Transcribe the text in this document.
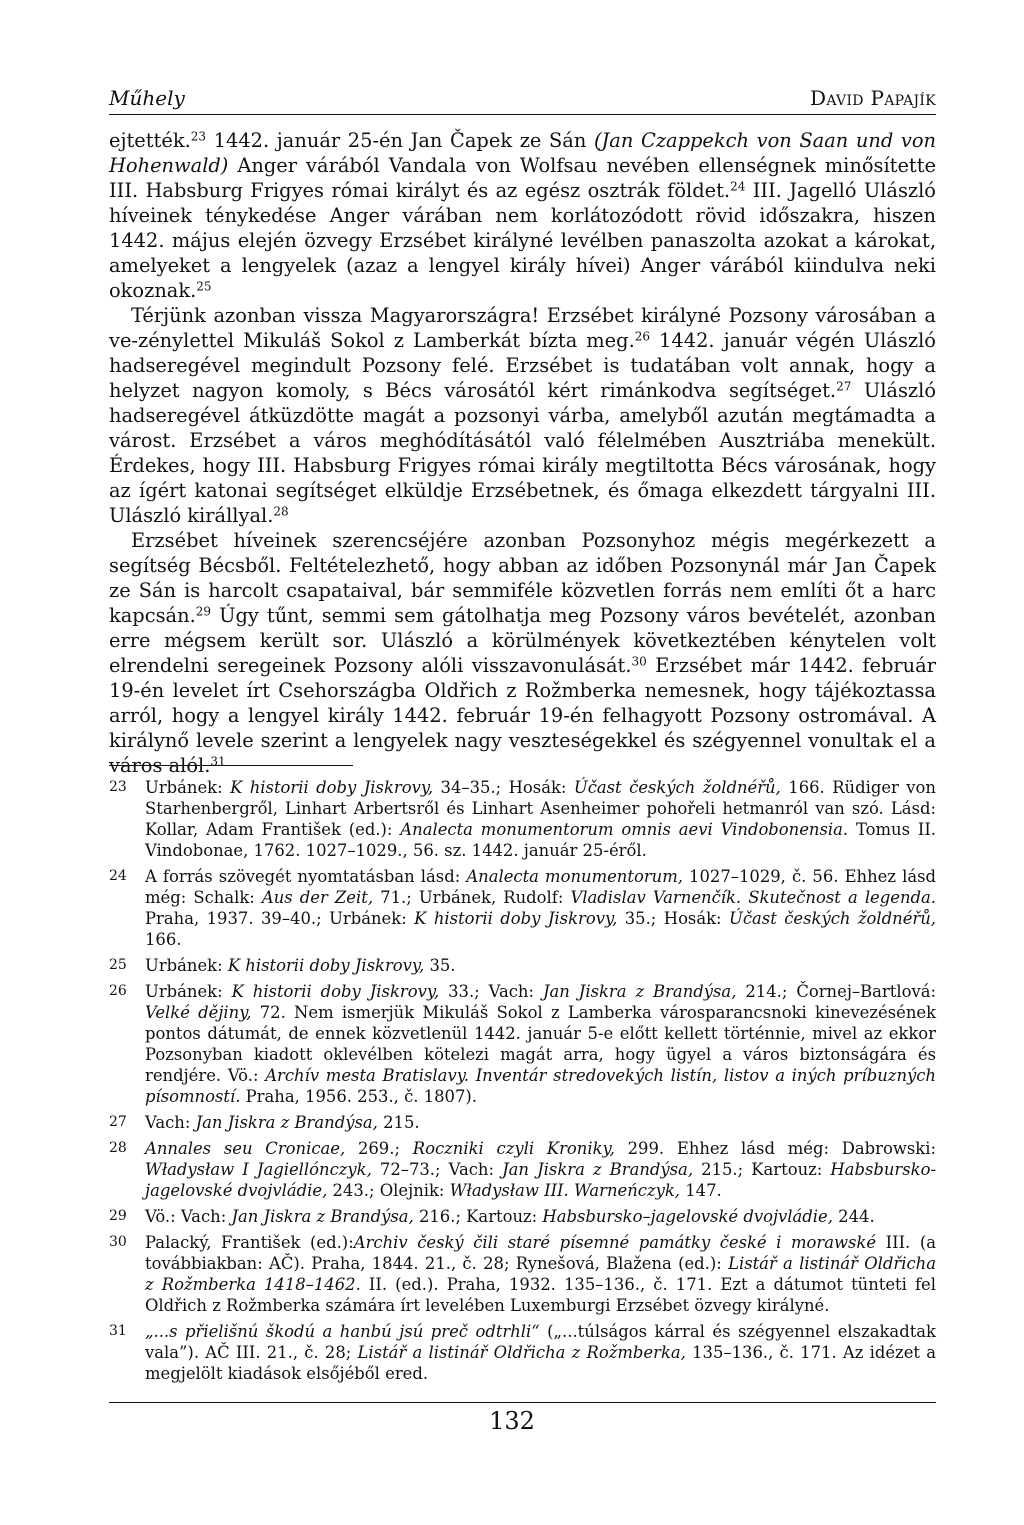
Műhely	David Papajík

ejtették.$^{23}$ 1442. január 25-én Jan Čapek ze Sán (Jan Czappekch von Saan und von Hohenwald) Anger várából Vandala von Wolfsau nevében ellenségnek minősítette III. Habsburg Frigyes római királyt és az egész osztrák földet.$^{24}$ III. Jagelló Ulászló híveinek ténykedése Anger várában nem korlátozódott rövid időszakra, hiszen 1442. május elején özvegy Erzsébet királyné levélben panaszolta azokat a károkat, amelyeket a lengyelek (azaz a lengyel király hívei) Anger várából kiindulva neki okoznak.$^{25}$

Térjünk azonban vissza Magyarországra! Erzsébet királyné Pozsony városában a ve-zénylettel Mikuláš Sokol z Lamberkát bízta meg.$^{26}$ 1442. január végén Ulászló hadseregével megindult Pozsony felé. Erzsébet is tudatában volt annak, hogy a helyzet nagyon komoly, s Bécs városától kért rimánkodva segítséget.$^{27}$ Ulászló hadseregével átküzdötte magát a pozsonyi várba, amelyből azután megtámadta a várost. Erzsébet a város meghódításától való félelmében Ausztriába menekült. Érdekes, hogy III. Habsburg Frigyes római király megtiltotta Bécs városának, hogy az ígért katonai segítséget elküldje Erzsébetnek, és őmaga elkezdett tárgyalni III. Ulászló királlyal.$^{28}$

Erzsébet híveinek szerencséjére azonban Pozsonyhoz mégis megérkezett a segítség Bécsből. Feltételezhető, hogy abban az időben Pozsonynál már Jan Čapek ze Sán is harcolt csapataival, bár semmiféle közvetlen forrás nem említi őt a harc kapcsán.$^{29}$ Úgy tűnt, semmi sem gátolhatja meg Pozsony város bevételét, azonban erre mégsem került sor. Ulászló a körülmények következtében kénytelen volt elrendelni seregeinek Pozsony alóli visszavonulását.$^{30}$ Erzsébet már 1442. február 19-én levelet írt Csehországba Oldřich z Rožmberka nemesnek, hogy tájékoztassa arról, hogy a lengyel király 1442. február 19-én felhagyott Pozsony ostromával. A királynő levele szerint a lengyelek nagy veszteségekkel és szégyennel vonultak el a város alól.$^{31}$

23 Urbánek: K historii doby Jiskrovy, 34–35.; Hosák: Účast českých žoldnéřů, 166. Rüdiger von Starhenbergről, Linhart Arbertsről és Linhart Asenheimer pohořeli hetmanról van szó. Lásd: Kollar, Adam František (ed.): Analecta monumentorum omnis aevi Vindobonensia. Tomus II. Vindobonae, 1762. 1027–1029., 56. sz. 1442. január 25-éről.
24 A forrás szövegét nyomtatásban lásd: Analecta monumentorum, 1027–1029, č. 56. Ehhez lásd még: Schalk: Aus der Zeit, 71.; Urbánek, Rudolf: Vladislav Varnenčík. Skutečnost a legenda. Praha, 1937. 39–40.; Urbánek: K historii doby Jiskrovy, 35.; Hosák: Účast českých žoldnéřů, 166.
25 Urbánek: K historii doby Jiskrovy, 35.
26 Urbánek: K historii doby Jiskrovy, 33.; Vach: Jan Jiskra z Brandýsa, 214.; Čornej–Bartlová: Velké dějiny, 72. Nem ismerjük Mikuláš Sokol z Lamberka városparancsnoki kinevezésének pontos dátumát, de ennek közvetlenül 1442. január 5-e előtt kellett történnie, mivel az ekkor Pozsonyban kiadott oklevélben kötelezi magát arra, hogy ügyel a város biztonságára és rendjére. Vö.: Archív mesta Bratislavy. Inventár stredovekých listín, listov a iných príbuzných písomností. Praha, 1956. 253., č. 1807).
27 Vach: Jan Jiskra z Brandýsa, 215.
28 Annales seu Cronicae, 269.; Roczniki czyli Kroniky, 299. Ehhez lásd még: Dabrowski: Władysław I Jagiellónczyk, 72–73.; Vach: Jan Jiskra z Brandýsa, 215.; Kartouz: Habsbursko-jagelovské dvojvládie, 243.; Olejnik: Władysław III. Warneńczyk, 147.
29 Vö.: Vach: Jan Jiskra z Brandýsa, 216.; Kartouz: Habsbursko–jagelovské dvojvládie, 244.
30 Palacký, František (ed.):Archiv český čili staré písemné památky české i morawské III. (a továbbiakban: AČ). Praha, 1844. 21., č. 28; Rynešová, Blažena (ed.): Listář a listinář Oldřicha z Rožmberka 1418–1462. II. (ed.). Praha, 1932. 135–136., č. 171. Ezt a dátumot tünteti fel Oldřich z Rožmberka számára írt levelében Luxemburgi Erzsébet özvegy királyné.
31 „...s přielišnú škodú a hanbú jsú preč odtrhli“ („...túlságos kárral és szégyennel elszakadtak vala”). AČ III. 21., č. 28; Listář a listinář Oldřicha z Rožmberka, 135–136., č. 171. Az idézet a megjelölt kiadások elsőjéből ered.
132
